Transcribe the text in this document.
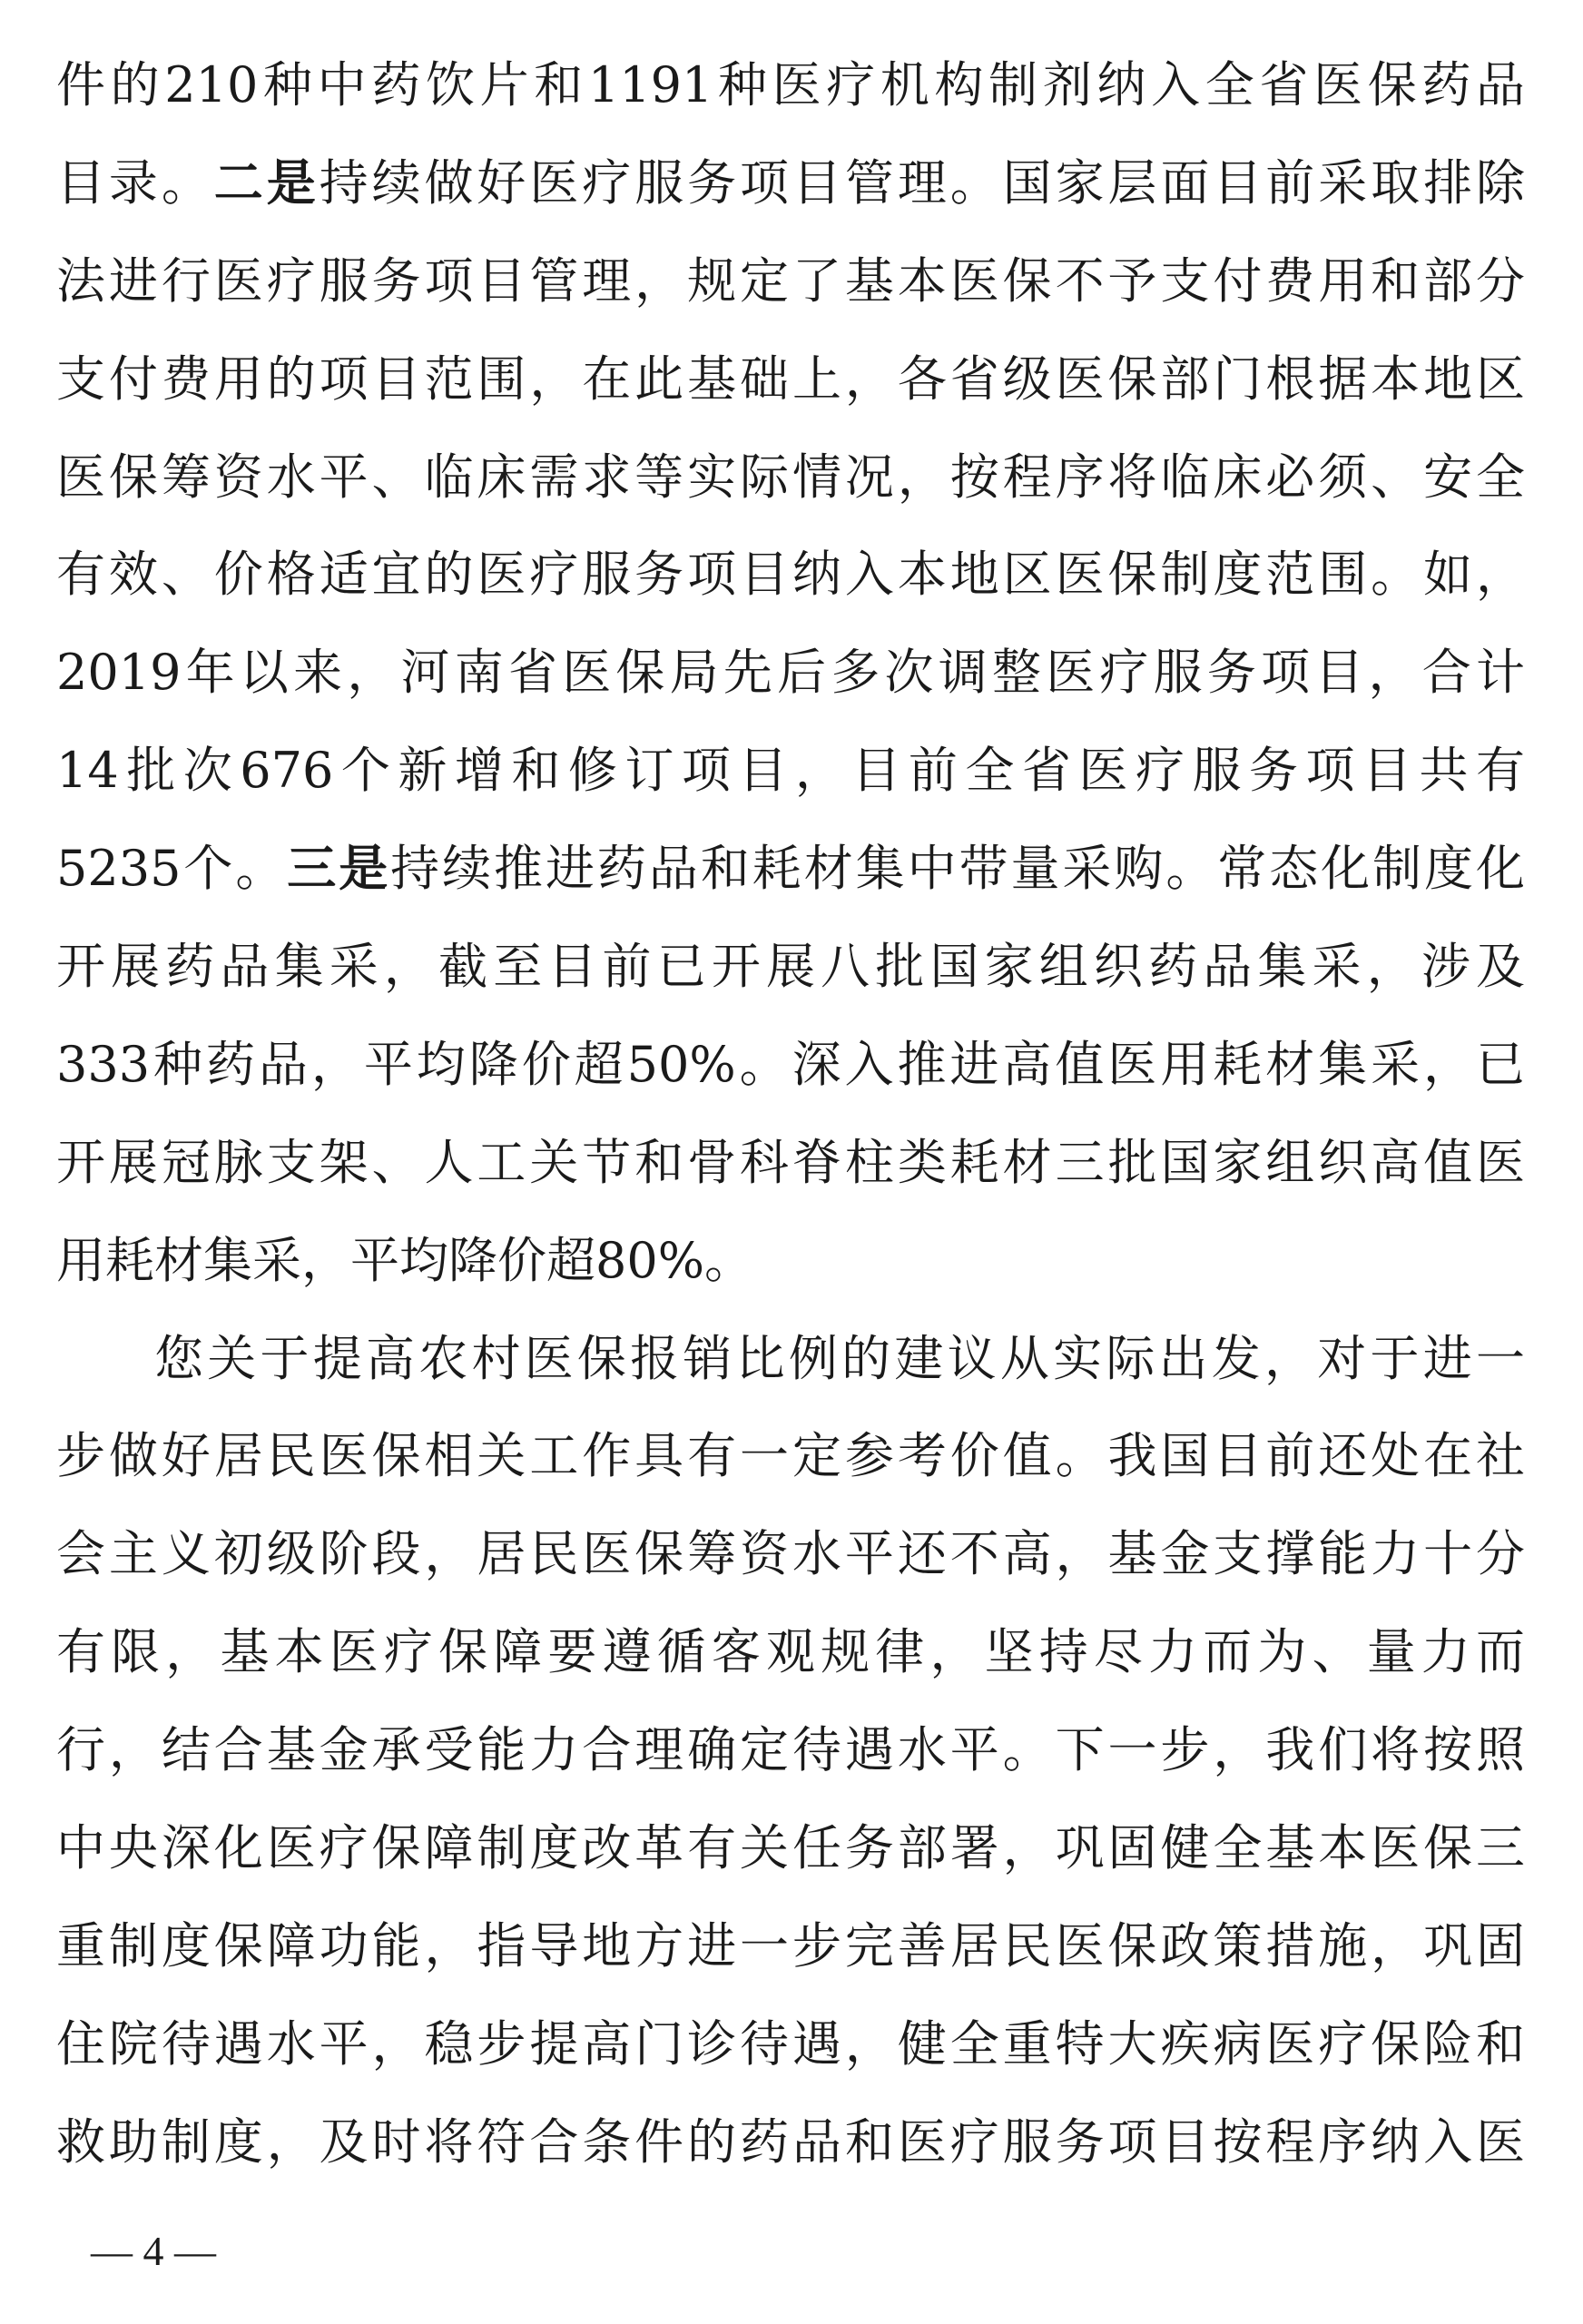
件的210种中药饮片和1191种医疗机构制剂纳入全省医保药品
目录。二是持续做好医疗服务项目管理。国家层面目前采取排除
法进行医疗服务项目管理，规定了基本医保不予支付费用和部分
支付费用的项目范围，在此基础上，各省级医保部门根据本地区
医保筹资水平、临床需求等实际情况，按程序将临床必须、安全
有效、价格适宜的医疗服务项目纳入本地区医保制度范围。如，
2019年以来，河南省医保局先后多次调整医疗服务项目，合计
14批次676个新增和修订项目，目前全省医疗服务项目共有
5235个。三是持续推进药品和耗材集中带量采购。常态化制度化
开展药品集采，截至目前已开展八批国家组织药品集采，涉及
333种药品，平均降价超50%。深入推进高值医用耗材集采，已
开展冠脉支架、人工关节和骨科脊柱类耗材三批国家组织高值医
用耗材集采，平均降价超80%。
您关于提高农村医保报销比例的建议从实际出发，对于进一
步做好居民医保相关工作具有一定参考价值。我国目前还处在社
会主义初级阶段，居民医保筹资水平还不高，基金支撑能力十分
有限，基本医疗保障要遵循客观规律，坚持尽力而为、量力而
行，结合基金承受能力合理确定待遇水平。下一步，我们将按照
中央深化医疗保障制度改革有关任务部署，巩固健全基本医保三
重制度保障功能，指导地方进一步完善居民医保政策措施，巩固
住院待遇水平，稳步提高门诊待遇，健全重特大疾病医疗保险和
救助制度，及时将符合条件的药品和医疗服务项目按程序纳入医
— 4 —
